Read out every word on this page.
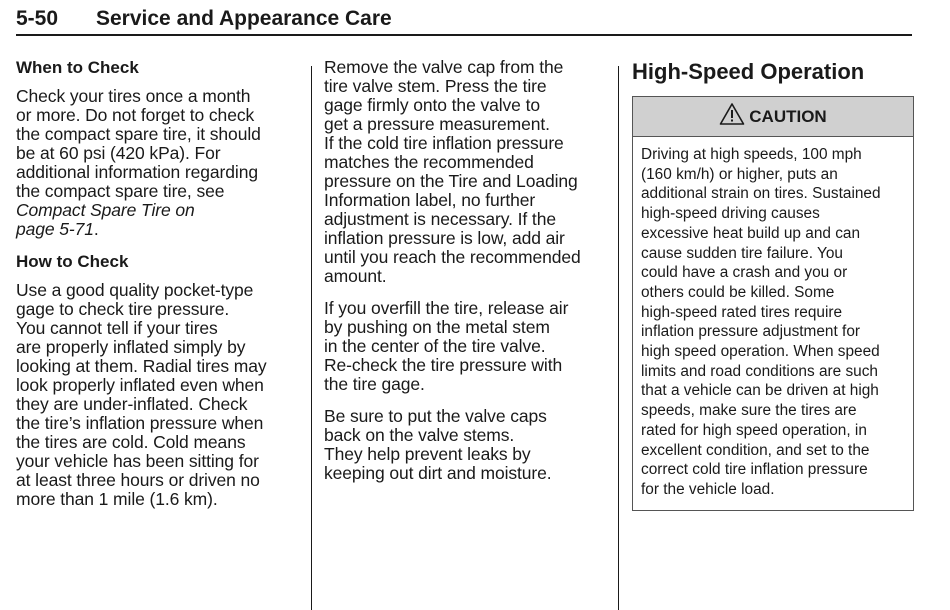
5-50 Service and Appearance Care
When to Check
Check your tires once a month
or more. Do not forget to check
the compact spare tire, it should
be at 60 psi (420 kPa). For
additional information regarding
the compact spare tire, see
Compact Spare Tire on
page 5-71.
How to Check
Use a good quality pocket-type
gage to check tire pressure.
You cannot tell if your tires
are properly inflated simply by
looking at them. Radial tires may
look properly inflated even when
they are under-inflated. Check
the tire’s inflation pressure when
the tires are cold. Cold means
your vehicle has been sitting for
at least three hours or driven no
more than 1 mile (1.6 km).
Remove the valve cap from the
tire valve stem. Press the tire
gage firmly onto the valve to
get a pressure measurement.
If the cold tire inflation pressure
matches the recommended
pressure on the Tire and Loading
Information label, no further
adjustment is necessary. If the
inflation pressure is low, add air
until you reach the recommended
amount.
If you overfill the tire, release air
by pushing on the metal stem
in the center of the tire valve.
Re-check the tire pressure with
the tire gage.
Be sure to put the valve caps
back on the valve stems.
They help prevent leaks by
keeping out dirt and moisture.
High-Speed Operation
CAUTION
Driving at high speeds, 100 mph
(160 km/h) or higher, puts an
additional strain on tires. Sustained
high-speed driving causes
excessive heat build up and can
cause sudden tire failure. You
could have a crash and you or
others could be killed. Some
high-speed rated tires require
inflation pressure adjustment for
high speed operation. When speed
limits and road conditions are such
that a vehicle can be driven at high
speeds, make sure the tires are
rated for high speed operation, in
excellent condition, and set to the
correct cold tire inflation pressure
for the vehicle load.
